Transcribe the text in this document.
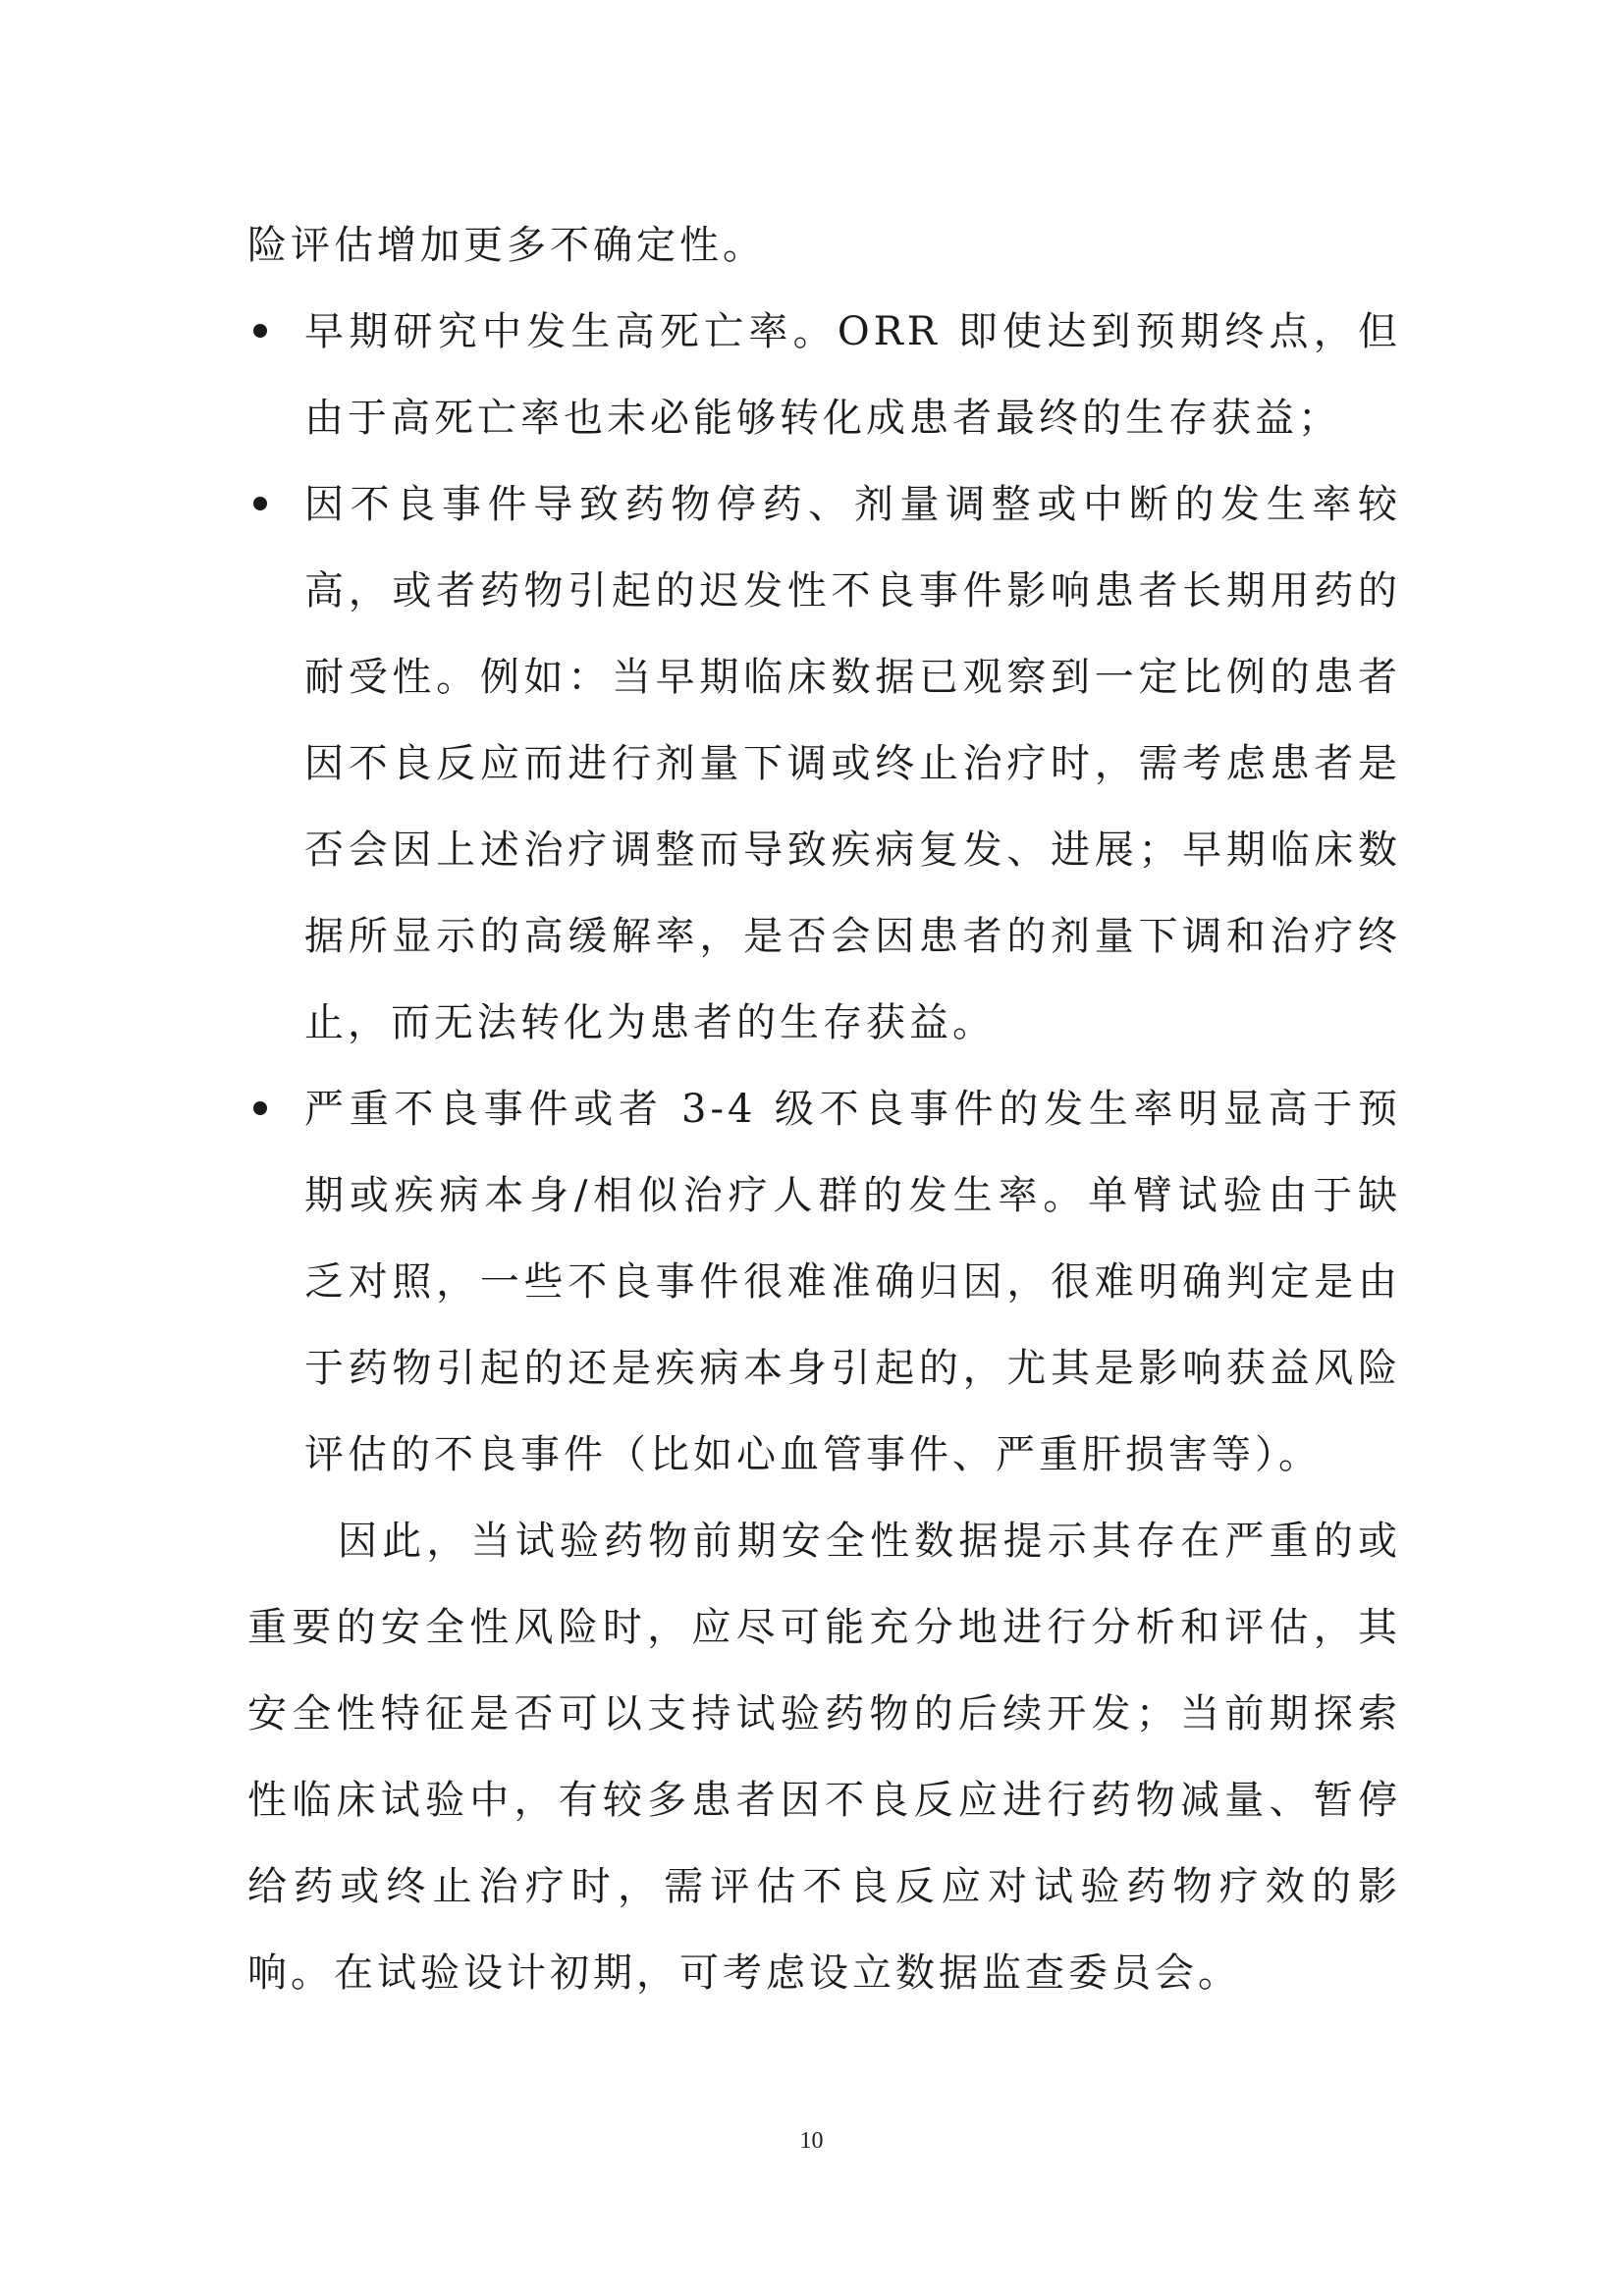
险评估增加更多不确定性。

早期研究中发生高死亡率。ORR 即使达到预期终点，但由于高死亡率也未必能够转化成患者最终的生存获益；
因不良事件导致药物停药、剂量调整或中断的发生率较高，或者药物引起的迟发性不良事件影响患者长期用药的耐受性。例如：当早期临床数据已观察到一定比例的患者因不良反应而进行剂量下调或终止治疗时，需考虑患者是否会因上述治疗调整而导致疾病复发、进展；早期临床数据所显示的高缓解率，是否会因患者的剂量下调和治疗终止，而无法转化为患者的生存获益。
严重不良事件或者 3-4 级不良事件的发生率明显高于预期或疾病本身/相似治疗人群的发生率。单臂试验由于缺乏对照，一些不良事件很难准确归因，很难明确判定是由于药物引起的还是疾病本身引起的，尤其是影响获益风险评估的不良事件（比如心血管事件、严重肝损害等）。

因此，当试验药物前期安全性数据提示其存在严重的或重要的安全性风险时，应尽可能充分地进行分析和评估，其安全性特征是否可以支持试验药物的后续开发；当前期探索性临床试验中，有较多患者因不良反应进行药物减量、暂停给药或终止治疗时，需评估不良反应对试验药物疗效的影响。在试验设计初期，可考虑设立数据监查委员会。

10
